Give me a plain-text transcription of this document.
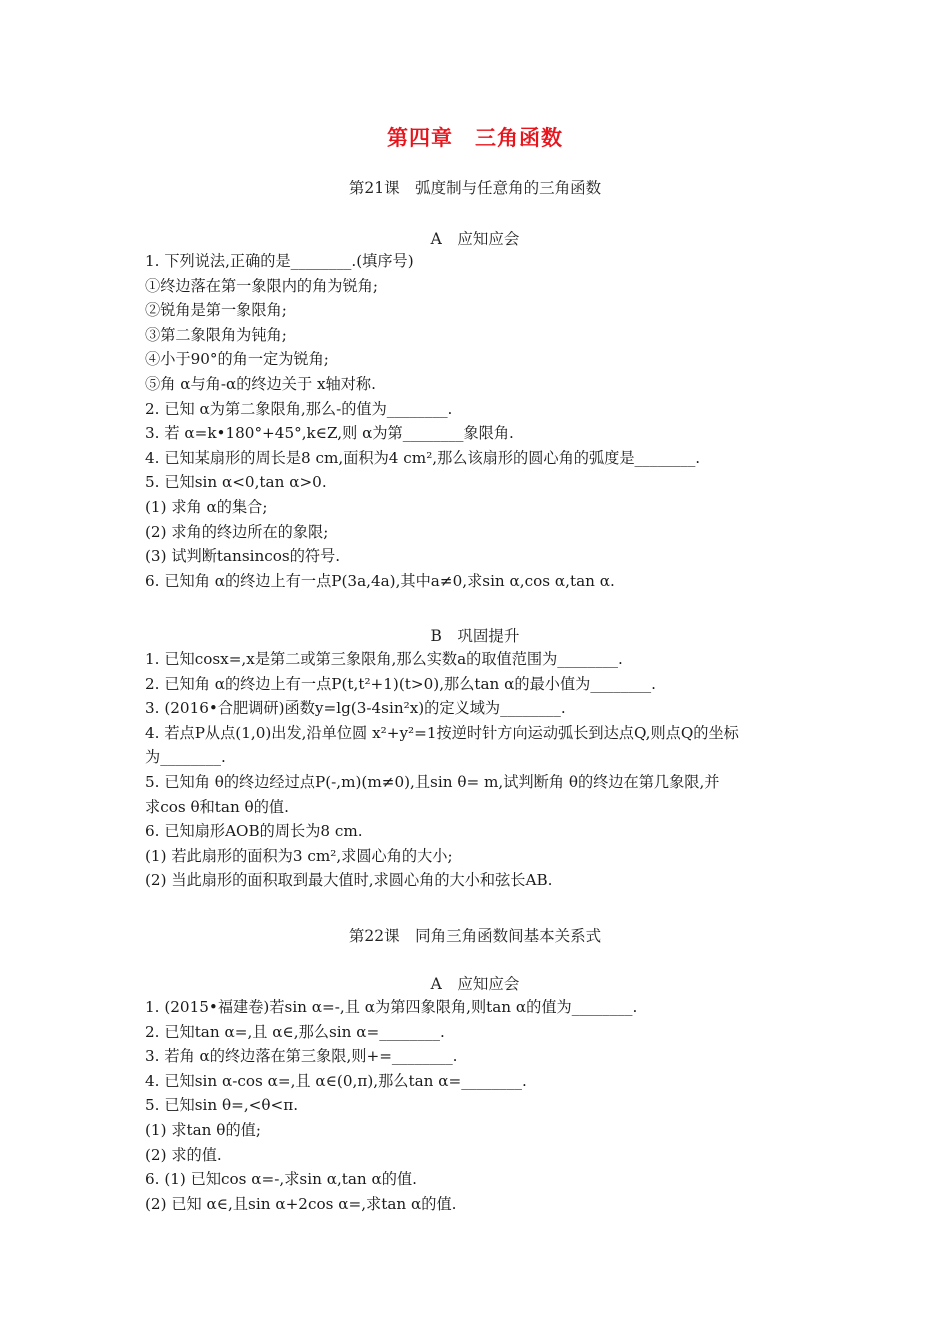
第四章　三角函数
第21课　弧度制与任意角的三角函数
A　应知应会
1. 下列说法,正确的是________.(填序号)
①终边落在第一象限内的角为锐角;
②锐角是第一象限角;
③第二象限角为钝角;
④小于90°的角一定为锐角;
⑤角 α与角-α的终边关于 x轴对称.
2. 已知 α为第二象限角,那么-的值为________.
3. 若 α=k•180°+45°,k∈Z,则 α为第________象限角.
4. 已知某扇形的周长是8 cm,面积为4 cm²,那么该扇形的圆心角的弧度是________.
5. 已知sin α<0,tan α>0.
(1) 求角 α的集合;
(2) 求角的终边所在的象限;
(3) 试判断tansincos的符号.
6. 已知角 α的终边上有一点P(3a,4a),其中a≠0,求sin α,cos α,tan α.
B　巩固提升
1. 已知cosx=,x是第二或第三象限角,那么实数a的取值范围为________.
2. 已知角 α的终边上有一点P(t,t²+1)(t>0),那么tan α的最小值为________.
3. (2016•合肥调研)函数y=lg(3-4sin²x)的定义域为________.
4. 若点P从点(1,0)出发,沿单位圆 x²+y²=1按逆时针方向运动弧长到达点Q,则点Q的坐标
为________.
5. 已知角 θ的终边经过点P(-,m)(m≠0),且sin θ= m,试判断角 θ的终边在第几象限,并
求cos θ和tan θ的值.
6. 已知扇形AOB的周长为8 cm.
(1) 若此扇形的面积为3 cm²,求圆心角的大小;
(2) 当此扇形的面积取到最大值时,求圆心角的大小和弦长AB.
第22课　同角三角函数间基本关系式
A　应知应会
1. (2015•福建卷)若sin α=-,且 α为第四象限角,则tan α的值为________.
2. 已知tan α=,且 α∈,那么sin α=________.
3. 若角 α的终边落在第三象限,则+=________.
4. 已知sin α-cos α=,且 α∈(0,π),那么tan α=________.
5. 已知sin θ=,<θ<π.
(1) 求tan θ的值;
(2) 求的值.
6. (1) 已知cos α=-,求sin α,tan α的值.
(2) 已知 α∈,且sin α+2cos α=,求tan α的值.
